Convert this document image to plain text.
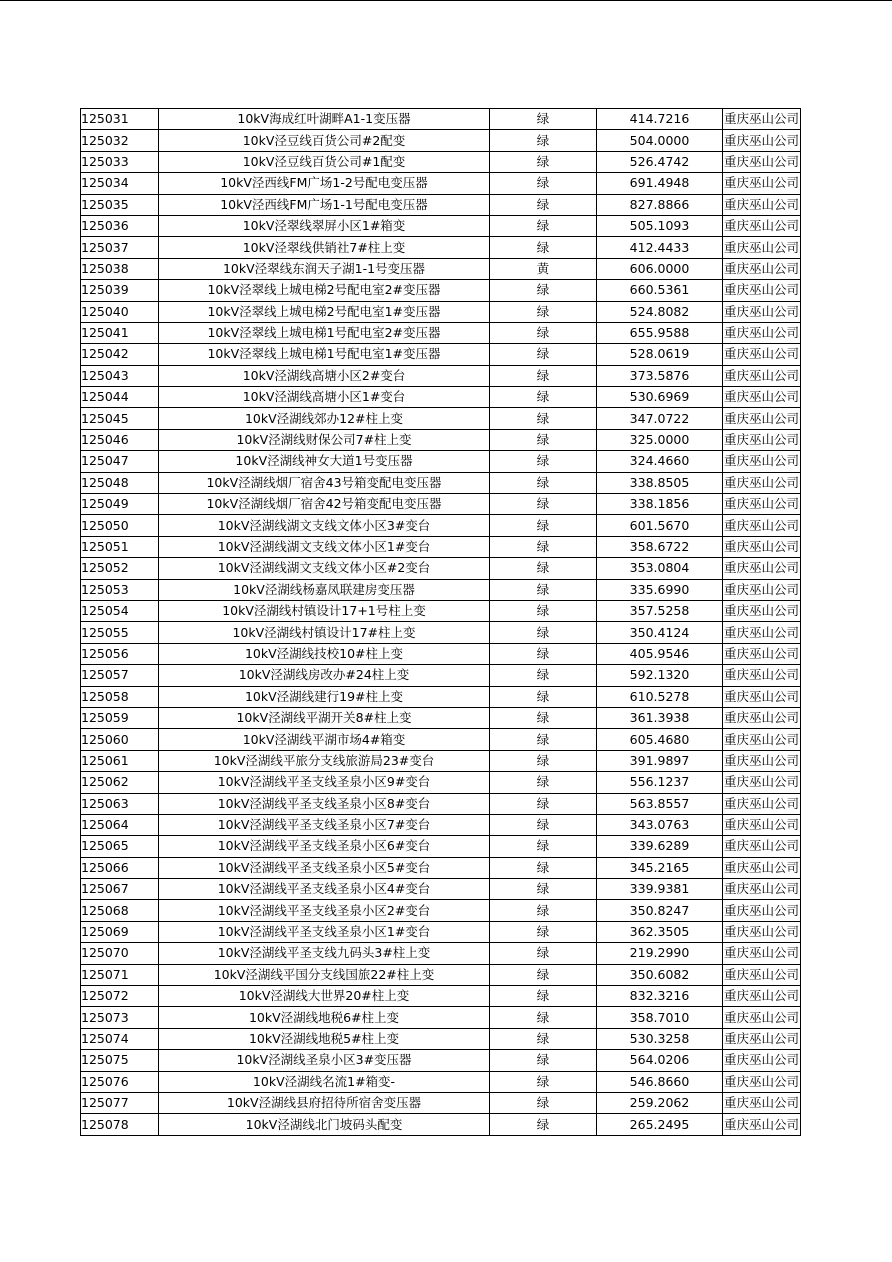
125031	10kV海成红叶湖畔A1-1变压器	绿	414.7216	重庆巫山公司
125032	10kV泾豆线百货公司#2配变	绿	504.0000	重庆巫山公司
125033	10kV泾豆线百货公司#1配变	绿	526.4742	重庆巫山公司
125034	10kV泾西线FM广场1-2号配电变压器	绿	691.4948	重庆巫山公司
125035	10kV泾西线FM广场1-1号配电变压器	绿	827.8866	重庆巫山公司
125036	10kV泾翠线翠屏小区1#箱变	绿	505.1093	重庆巫山公司
125037	10kV泾翠线供销社7#柱上变	绿	412.4433	重庆巫山公司
125038	10kV泾翠线东润天子湖1-1号变压器	黄	606.0000	重庆巫山公司
125039	10kV泾翠线上城电梯2号配电室2#变压器	绿	660.5361	重庆巫山公司
125040	10kV泾翠线上城电梯2号配电室1#变压器	绿	524.8082	重庆巫山公司
125041	10kV泾翠线上城电梯1号配电室2#变压器	绿	655.9588	重庆巫山公司
125042	10kV泾翠线上城电梯1号配电室1#变压器	绿	528.0619	重庆巫山公司
125043	10kV泾湖线高塘小区2#变台	绿	373.5876	重庆巫山公司
125044	10kV泾湖线高塘小区1#变台	绿	530.6969	重庆巫山公司
125045	10kV泾湖线郊办12#柱上变	绿	347.0722	重庆巫山公司
125046	10kV泾湖线财保公司7#柱上变	绿	325.0000	重庆巫山公司
125047	10kV泾湖线神女大道1号变压器	绿	324.4660	重庆巫山公司
125048	10kV泾湖线烟厂宿舍43号箱变配电变压器	绿	338.8505	重庆巫山公司
125049	10kV泾湖线烟厂宿舍42号箱变配电变压器	绿	338.1856	重庆巫山公司
125050	10kV泾湖线湖文支线文体小区3#变台	绿	601.5670	重庆巫山公司
125051	10kV泾湖线湖文支线文体小区1#变台	绿	358.6722	重庆巫山公司
125052	10kV泾湖线湖文支线文体小区#2变台	绿	353.0804	重庆巫山公司
125053	10kV泾湖线杨嘉凤联建房变压器	绿	335.6990	重庆巫山公司
125054	10kV泾湖线村镇设计17+1号柱上变	绿	357.5258	重庆巫山公司
125055	10kV泾湖线村镇设计17#柱上变	绿	350.4124	重庆巫山公司
125056	10kV泾湖线技校10#柱上变	绿	405.9546	重庆巫山公司
125057	10kV泾湖线房改办#24柱上变	绿	592.1320	重庆巫山公司
125058	10kV泾湖线建行19#柱上变	绿	610.5278	重庆巫山公司
125059	10kV泾湖线平湖开关8#柱上变	绿	361.3938	重庆巫山公司
125060	10kV泾湖线平湖市场4#箱变	绿	605.4680	重庆巫山公司
125061	10kV泾湖线平旅分支线旅游局23#变台	绿	391.9897	重庆巫山公司
125062	10kV泾湖线平圣支线圣泉小区9#变台	绿	556.1237	重庆巫山公司
125063	10kV泾湖线平圣支线圣泉小区8#变台	绿	563.8557	重庆巫山公司
125064	10kV泾湖线平圣支线圣泉小区7#变台	绿	343.0763	重庆巫山公司
125065	10kV泾湖线平圣支线圣泉小区6#变台	绿	339.6289	重庆巫山公司
125066	10kV泾湖线平圣支线圣泉小区5#变台	绿	345.2165	重庆巫山公司
125067	10kV泾湖线平圣支线圣泉小区4#变台	绿	339.9381	重庆巫山公司
125068	10kV泾湖线平圣支线圣泉小区2#变台	绿	350.8247	重庆巫山公司
125069	10kV泾湖线平圣支线圣泉小区1#变台	绿	362.3505	重庆巫山公司
125070	10kV泾湖线平圣支线九码头3#柱上变	绿	219.2990	重庆巫山公司
125071	10kV泾湖线平国分支线国旅22#柱上变	绿	350.6082	重庆巫山公司
125072	10kV泾湖线大世界20#柱上变	绿	832.3216	重庆巫山公司
125073	10kV泾湖线地税6#柱上变	绿	358.7010	重庆巫山公司
125074	10kV泾湖线地税5#柱上变	绿	530.3258	重庆巫山公司
125075	10kV泾湖线圣泉小区3#变压器	绿	564.0206	重庆巫山公司
125076	10kV泾湖线名流1#箱变-	绿	546.8660	重庆巫山公司
125077	10kV泾湖线县府招待所宿舍变压器	绿	259.2062	重庆巫山公司
125078	10kV泾湖线北门坡码头配变	绿	265.2495	重庆巫山公司
